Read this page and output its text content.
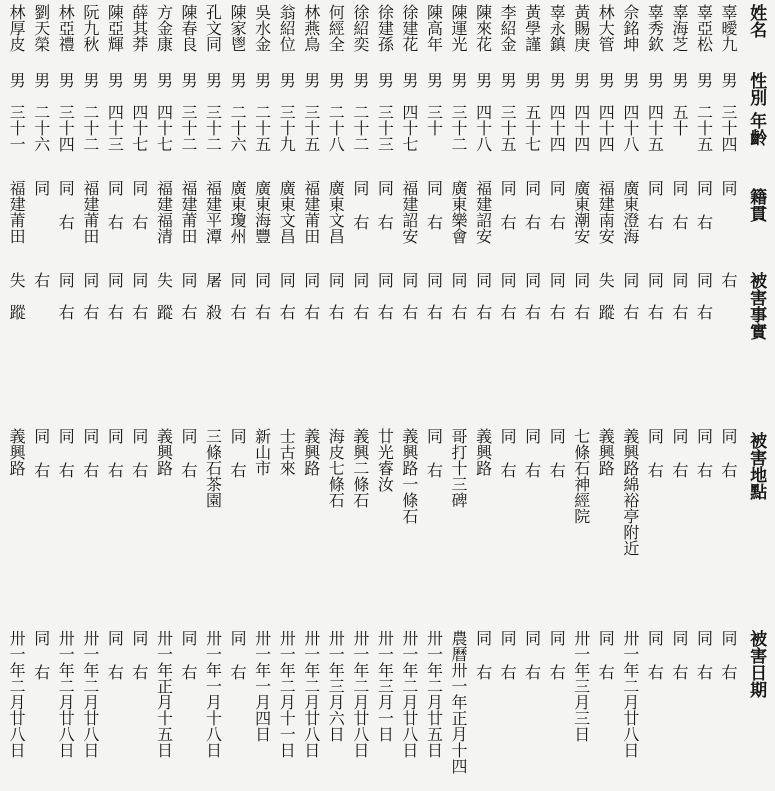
姓名
性別
年齡
籍貫
被害事實
被害地點
被害日期
辜曖九
男
三十四
同
右
同右
同右
辜亞松
男
二十五
同右
同右
同右
同右
辜海芝
男
五十
同右
同右
同右
同右
辜秀欽
男
四十五
同右
同右
同右
同右
佘銘坤
男
四十八
廣東澄海
同右
義興路綿裕亭附近
卅一年二月廿八日
林大管
男
四十四
福建南安
失蹤
義興路
同右
黃賜庚
男
四十四
廣東潮安
同右
七條石神經院
卅一年三月三日
辜永鎮
男
四十四
同右
同右
同右
同右
黃學謹
男
五十七
同右
同右
同右
同右
李紹金
男
三十五
同右
同右
同右
同右
陳來花
男
四十八
福建詔安
同右
義興路
同右
陳運光
男
三十二
廣東樂會
同右
哥打十三碑
農曆卅一年正月十四
陳高年
男
三十
同右
同右
同右
卅一年二月廿五日
徐建花
男
四十七
福建詔安
同右
義興路一條石
卅一年二月廿八日
徐建孫
男
三十三
同右
同右
廿光睿汝
卅一年三月一日
徐紹奕
男
二十二
同右
同右
義興二條石
卅一年二月廿八日
何經全
男
二十八
廣東文昌
同右
海皮七條石
卅一年三月六日
林燕鳥
男
三十五
福建莆田
同右
義興路
卅一年二月廿八日
翁紹位
男
三十九
廣東文昌
同右
士古來
卅一年二月十一日
吳水金
男
二十五
廣東海豐
同右
新山市
卅一年一月四日
陳家鬯
男
二十六
廣東瓊州
同右
同右
同右
孔文同
男
三十二
福建平潭
屠殺
三條石茶園
卅一年一月十八日
陳春良
男
三十二
福建莆田
同右
同右
同右
方金康
男
四十七
福建福清
失蹤
義興路
卅一年正月十五日
薛其莽
男
四十七
同右
同右
同右
同右
陳亞輝
男
四十三
同右
同右
同右
同右
阮九秋
男
二十二
福建莆田
同右
同右
卅一年二月廿八日
林亞禮
男
三十四
同右
同右
同右
卅一年二月廿八日
劉天榮
男
二十六
同
右
同右
同右
林厚皮
男
三十一
福建莆田
失蹤
義興路
卅一年二月廿八日
